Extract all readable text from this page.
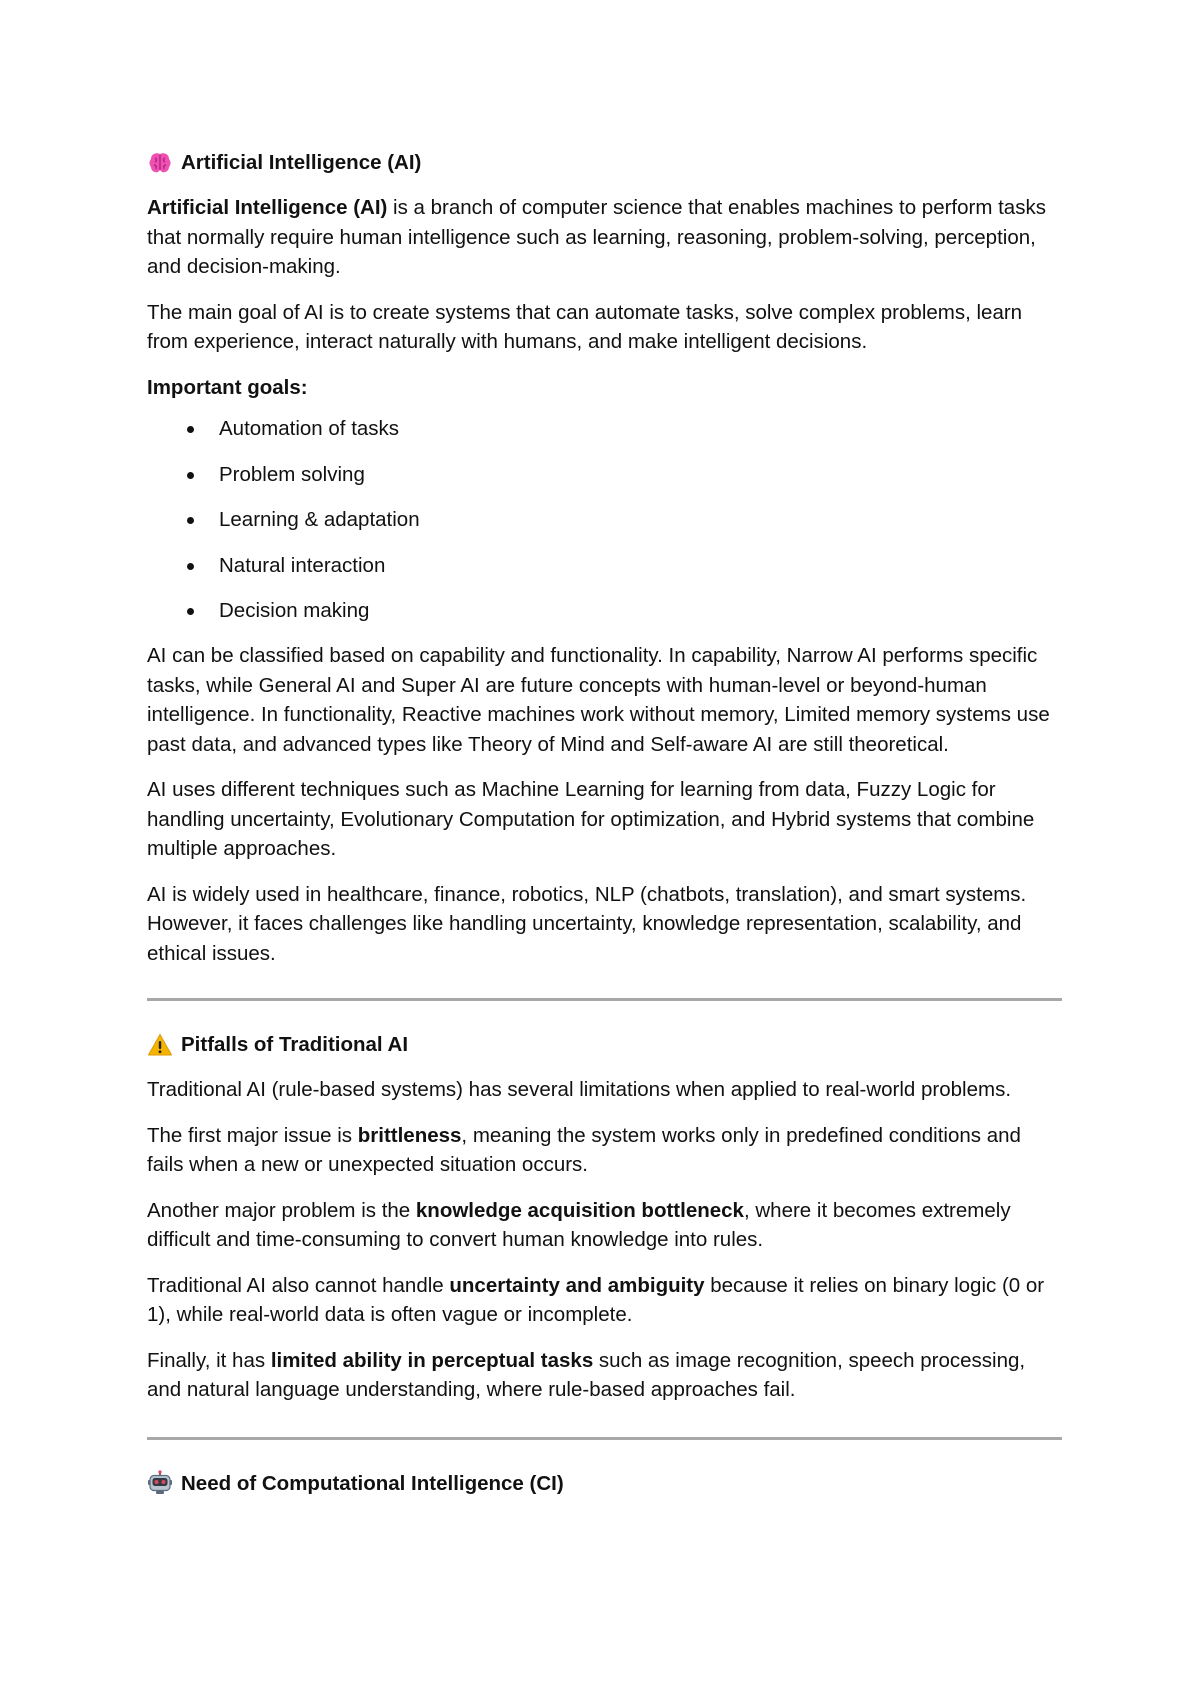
Artificial Intelligence (AI)

Artificial Intelligence (AI) is a branch of computer science that enables machines to perform tasks that normally require human intelligence such as learning, reasoning, problem-solving, perception, and decision-making.

The main goal of AI is to create systems that can automate tasks, solve complex problems, learn from experience, interact naturally with humans, and make intelligent decisions.

Important goals:

Automation of tasks
Problem solving
Learning & adaptation
Natural interaction
Decision making

AI can be classified based on capability and functionality. In capability, Narrow AI performs specific tasks, while General AI and Super AI are future concepts with human-level or beyond-human intelligence. In functionality, Reactive machines work without memory, Limited memory systems use past data, and advanced types like Theory of Mind and Self-aware AI are still theoretical.

AI uses different techniques such as Machine Learning for learning from data, Fuzzy Logic for handling uncertainty, Evolutionary Computation for optimization, and Hybrid systems that combine multiple approaches.

AI is widely used in healthcare, finance, robotics, NLP (chatbots, translation), and smart systems. However, it faces challenges like handling uncertainty, knowledge representation, scalability, and ethical issues.

Pitfalls of Traditional AI

Traditional AI (rule-based systems) has several limitations when applied to real-world problems.

The first major issue is brittleness, meaning the system works only in predefined conditions and fails when a new or unexpected situation occurs.

Another major problem is the knowledge acquisition bottleneck, where it becomes extremely difficult and time-consuming to convert human knowledge into rules.

Traditional AI also cannot handle uncertainty and ambiguity because it relies on binary logic (0 or 1), while real-world data is often vague or incomplete.

Finally, it has limited ability in perceptual tasks such as image recognition, speech processing, and natural language understanding, where rule-based approaches fail.

Need of Computational Intelligence (CI)
